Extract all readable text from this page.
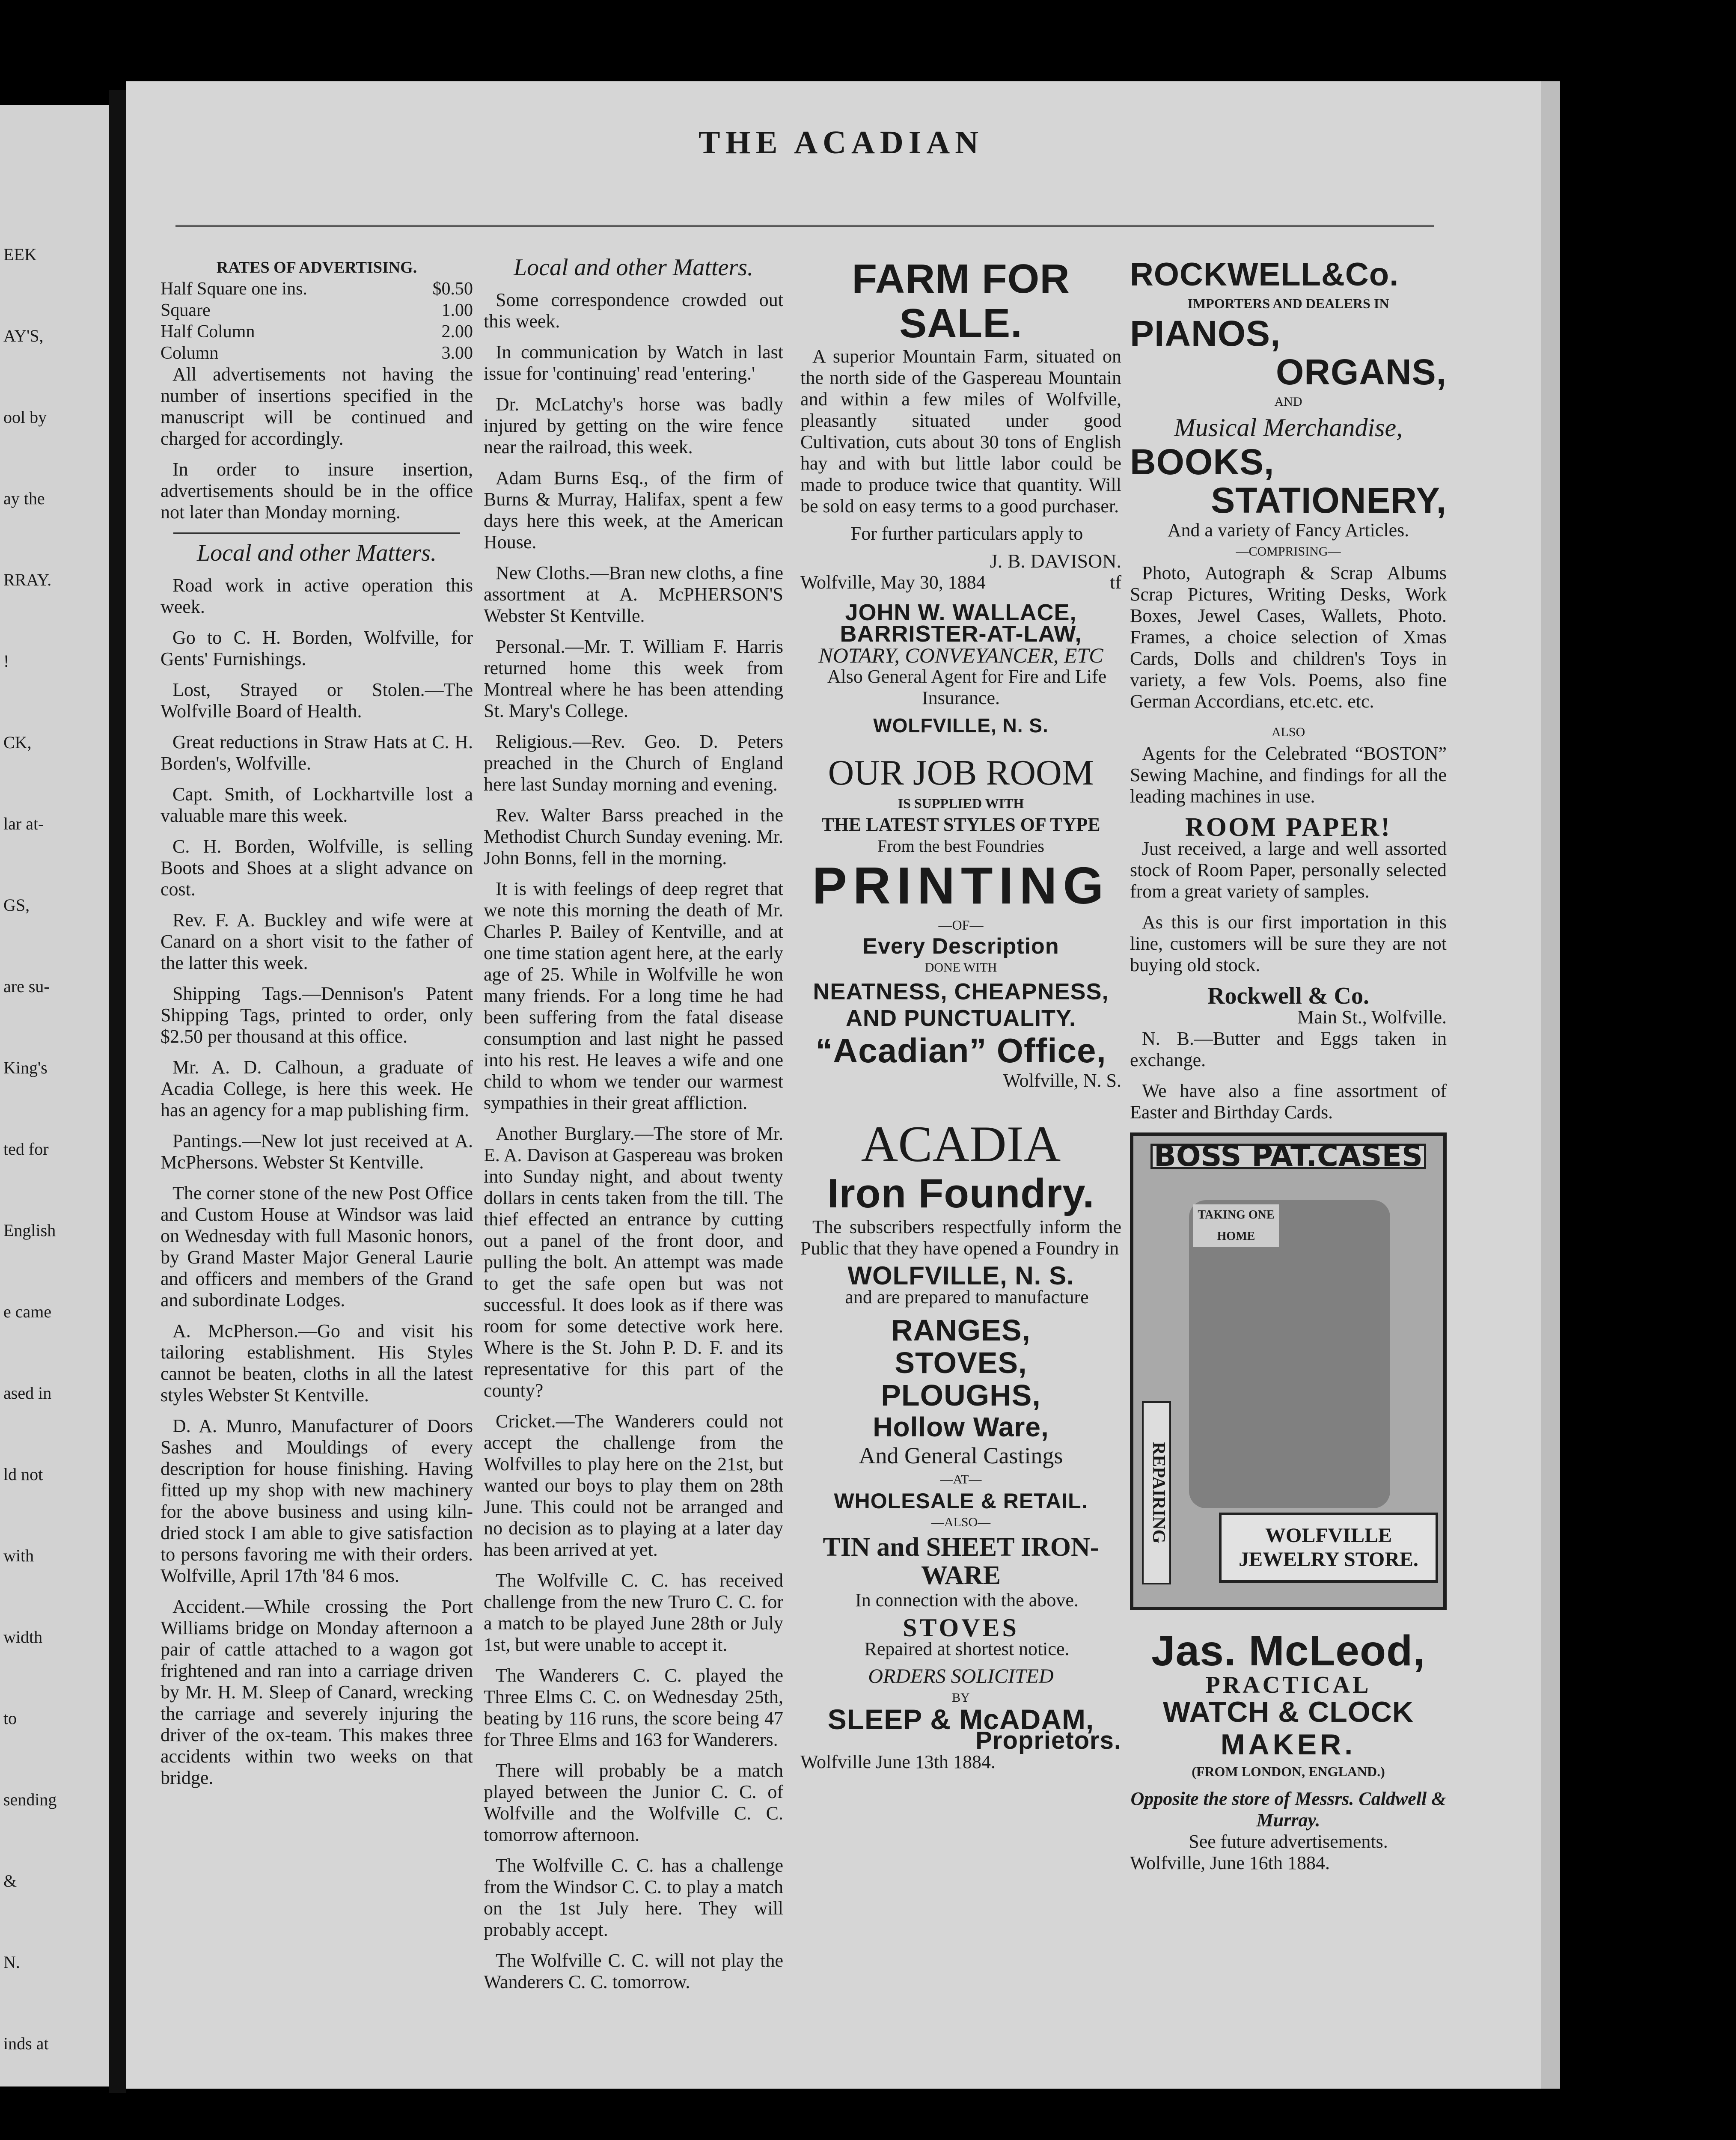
EEK
AY'S,
ool by
ay the
RRAY.
!
CK,
lar at-
GS,
are su-
King's
ted for
English
e came
ased in
ld not
with
width
to
sending
&
N.
inds at
THE ACADIAN
RATES OF ADVERTISING.
Half Square one ins.	$0.50
Square	1.00
Half Column	2.00
Column	3.00

All advertisements not having the number of insertions specified in the manuscript will be continued and charged for accordingly.

In order to insure insertion, advertisements should be in the office not later than Monday morning.

Local and other Matters.

Road work in active operation this week.

Go to C. H. Borden, Wolfville, for Gents' Furnishings.

Lost, Strayed or Stolen.—The Wolfville Board of Health.

Great reductions in Straw Hats at C. H. Borden's, Wolfville.

Capt. Smith, of Lockhartville lost a valuable mare this week.

C. H. Borden, Wolfville, is selling Boots and Shoes at a slight advance on cost.

Rev. F. A. Buckley and wife were at Canard on a short visit to the father of the latter this week.

Shipping Tags.—Dennison's Patent Shipping Tags, printed to order, only $2.50 per thousand at this office.

Mr. A. D. Calhoun, a graduate of Acadia College, is here this week. He has an agency for a map publishing firm.

Pantings.—New lot just received at A. McPhersons. Webster St Kentville.

The corner stone of the new Post Office and Custom House at Windsor was laid on Wednesday with full Masonic honors, by Grand Master Major General Laurie and officers and members of the Grand and subordinate Lodges.

A. McPherson.—Go and visit his tailoring establishment. His Styles cannot be beaten, cloths in all the latest styles Webster St Kentville.

D. A. Munro, Manufacturer of Doors Sashes and Mouldings of every description for house finishing. Having fitted up my shop with new machinery for the above business and using kiln-dried stock I am able to give satisfaction to persons favoring me with their orders. Wolfville, April 17th '84 6 mos.

Accident.—While crossing the Port Williams bridge on Monday afternoon a pair of cattle attached to a wagon got frightened and ran into a carriage driven by Mr. H. M. Sleep of Canard, wrecking the carriage and severely injuring the driver of the ox-team. This makes three accidents within two weeks on that bridge.

Local and other Matters.

Some correspondence crowded out this week.

In communication by Watch in last issue for 'continuing' read 'entering.'

Dr. McLatchy's horse was badly injured by getting on the wire fence near the railroad, this week.

Adam Burns Esq., of the firm of Burns & Murray, Halifax, spent a few days here this week, at the American House.

New Cloths.—Bran new cloths, a fine assortment at A. McPHERSON'S Webster St Kentville.

Personal.—Mr. T. William F. Harris returned home this week from Montreal where he has been attending St. Mary's College.

Religious.—Rev. Geo. D. Peters preached in the Church of England here last Sunday morning and evening.

Rev. Walter Barss preached in the Methodist Church Sunday evening. Mr. John Bonns, fell in the morning.

It is with feelings of deep regret that we note this morning the death of Mr. Charles P. Bailey of Kentville, and at one time station agent here, at the early age of 25. While in Wolfville he won many friends. For a long time he had been suffering from the fatal disease consumption and last night he passed into his rest. He leaves a wife and one child to whom we tender our warmest sympathies in their great affliction.

Another Burglary.—The store of Mr. E. A. Davison at Gaspereau was broken into Sunday night, and about twenty dollars in cents taken from the till. The thief effected an entrance by cutting out a panel of the front door, and pulling the bolt. An attempt was made to get the safe open but was not successful. It does look as if there was room for some detective work here. Where is the St. John P. D. F. and its representative for this part of the county?

Cricket.—The Wanderers could not accept the challenge from the Wolfvilles to play here on the 21st, but wanted our boys to play them on 28th June. This could not be arranged and no decision as to playing at a later day has been arrived at yet.

The Wolfville C. C. has received challenge from the new Truro C. C. for a match to be played June 28th or July 1st, but were unable to accept it.

The Wanderers C. C. played the Three Elms C. C. on Wednesday 25th, beating by 116 runs, the score being 47 for Three Elms and 163 for Wanderers.

There will probably be a match played between the Junior C. C. of Wolfville and the Wolfville C. C. tomorrow afternoon.

The Wolfville C. C. has a challenge from the Windsor C. C. to play a match on the 1st July here. They will probably accept.

The Wolfville C. C. will not play the Wanderers C. C. tomorrow.

FARM FOR SALE.

A superior Mountain Farm, situated on the north side of the Gaspereau Mountain and within a few miles of Wolfville, pleasantly situated under good Cultivation, cuts about 30 tons of English hay and with but little labor could be made to produce twice that quantity. Will be sold on easy terms to a good purchaser.

For further particulars apply to

J. B. DAVISON.
Wolfville, May 30, 1884	tf
JOHN W. WALLACE,
BARRISTER-AT-LAW,
NOTARY, CONVEYANCER, ETC

Also General Agent for Fire and Life Insurance.

WOLFVILLE, N. S.
OUR JOB ROOM
IS SUPPLIED WITH
THE LATEST STYLES OF TYPE
From the best Foundries
PRINTING
—OF—
Every Description
DONE WITH
NEATNESS, CHEAPNESS, AND PUNCTUALITY.
“Acadian” Office,
Wolfville, N. S.
ACADIA
Iron Foundry.

The subscribers respectfully inform the Public that they have opened a Foundry in

WOLFVILLE, N. S.

and are prepared to manufacture

RANGES,
STOVES,
PLOUGHS,
Hollow Ware,
And General Castings
—AT—
WHOLESALE & RETAIL.
—ALSO—
TIN and SHEET IRON-WARE

In connection with the above.

STOVES

Repaired at shortest notice.

ORDERS SOLICITED
BY
SLEEP & McADAM,
Proprietors.
Wolfville June 13th 1884.
ROCKWELL&Co.
IMPORTERS AND DEALERS IN
PIANOS,
ORGANS,
AND
Musical Merchandise,
BOOKS,
STATIONERY,
And a variety of Fancy Articles.
—COMPRISING—

Photo, Autograph & Scrap Albums Scrap Pictures, Writing Desks, Work Boxes, Jewel Cases, Wallets, Photo. Frames, a choice selection of Xmas Cards, Dolls and children's Toys in variety, a few Vols. Poems, also fine German Accordians, etc.etc. etc.

ALSO

Agents for the Celebrated “BOSTON” Sewing Machine, and findings for all the leading machines in use.

ROOM PAPER!

Just received, a large and well assorted stock of Room Paper, personally selected from a great variety of samples.

As this is our first importation in this line, customers will be sure they are not buying old stock.

Rockwell & Co.
Main St., Wolfville.

N. B.—Butter and Eggs taken in exchange.

We have also a fine assortment of Easter and Birthday Cards.

BOSS PAT.CASES
TAKING ONE HOME
REPAIRING	WOLFVILLE JEWELRY STORE.
Jas. McLeod,
PRACTICAL
WATCH & CLOCK
MAKER.
(FROM LONDON, ENGLAND.)
Opposite the store of Messrs. Caldwell & Murray.
See future advertisements.
Wolfville, June 16th 1884.
